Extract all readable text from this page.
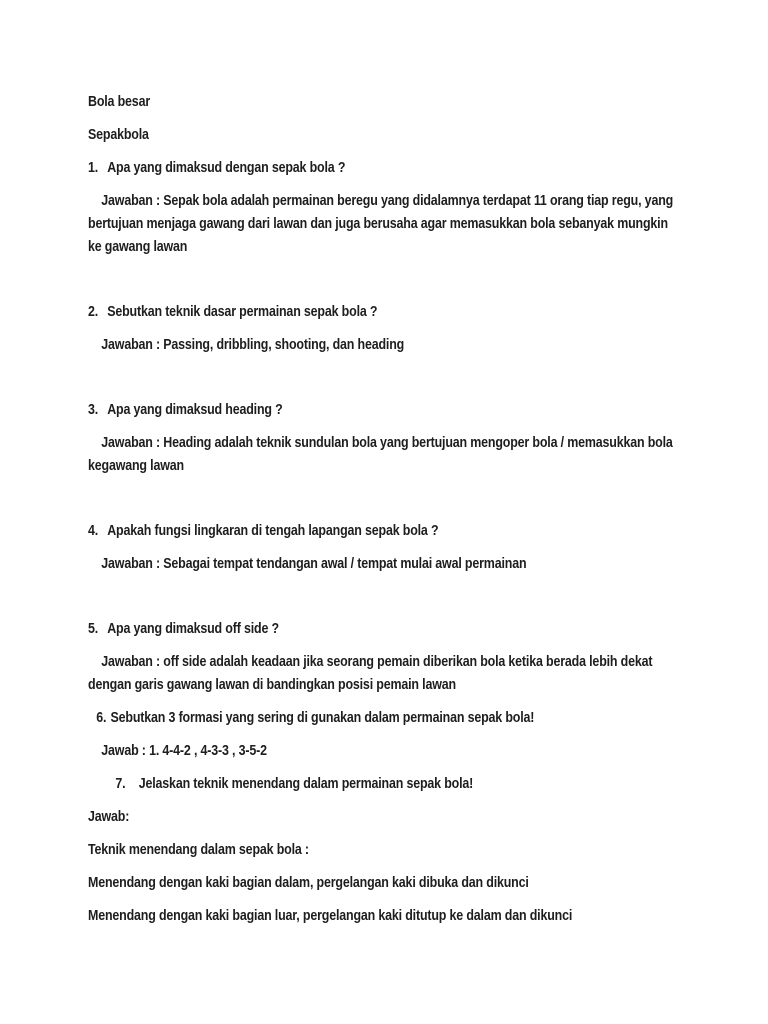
Bola besar

Sepakbola

1. Apa yang dimaksud dengan sepak bola ?

Jawaban : Sepak bola adalah permainan beregu yang didalamnya terdapat 11 orang tiap regu, yang bertujuan menjaga gawang dari lawan dan juga berusaha agar memasukkan bola sebanyak mungkin ke gawang lawan

2. Sebutkan teknik dasar permainan sepak bola ?

Jawaban : Passing, dribbling, shooting, dan heading

3. Apa yang dimaksud heading ?

Jawaban : Heading adalah teknik sundulan bola yang bertujuan mengoper bola / memasukkan bola kegawang lawan

4. Apakah fungsi lingkaran di tengah lapangan sepak bola ?

Jawaban : Sebagai tempat tendangan awal / tempat mulai awal permainan

5. Apa yang dimaksud off side ?

Jawaban : off side adalah keadaan jika seorang pemain diberikan bola ketika berada lebih dekat dengan garis gawang lawan di bandingkan posisi pemain lawan

6. Sebutkan 3 formasi yang sering di gunakan dalam permainan sepak bola!

Jawab : 1. 4-4-2 , 4-3-3 , 3-5-2

7. Jelaskan teknik menendang dalam permainan sepak bola!

Jawab:

Teknik menendang dalam sepak bola :

Menendang dengan kaki bagian dalam, pergelangan kaki dibuka dan dikunci

Menendang dengan kaki bagian luar, pergelangan kaki ditutup ke dalam dan dikunci
